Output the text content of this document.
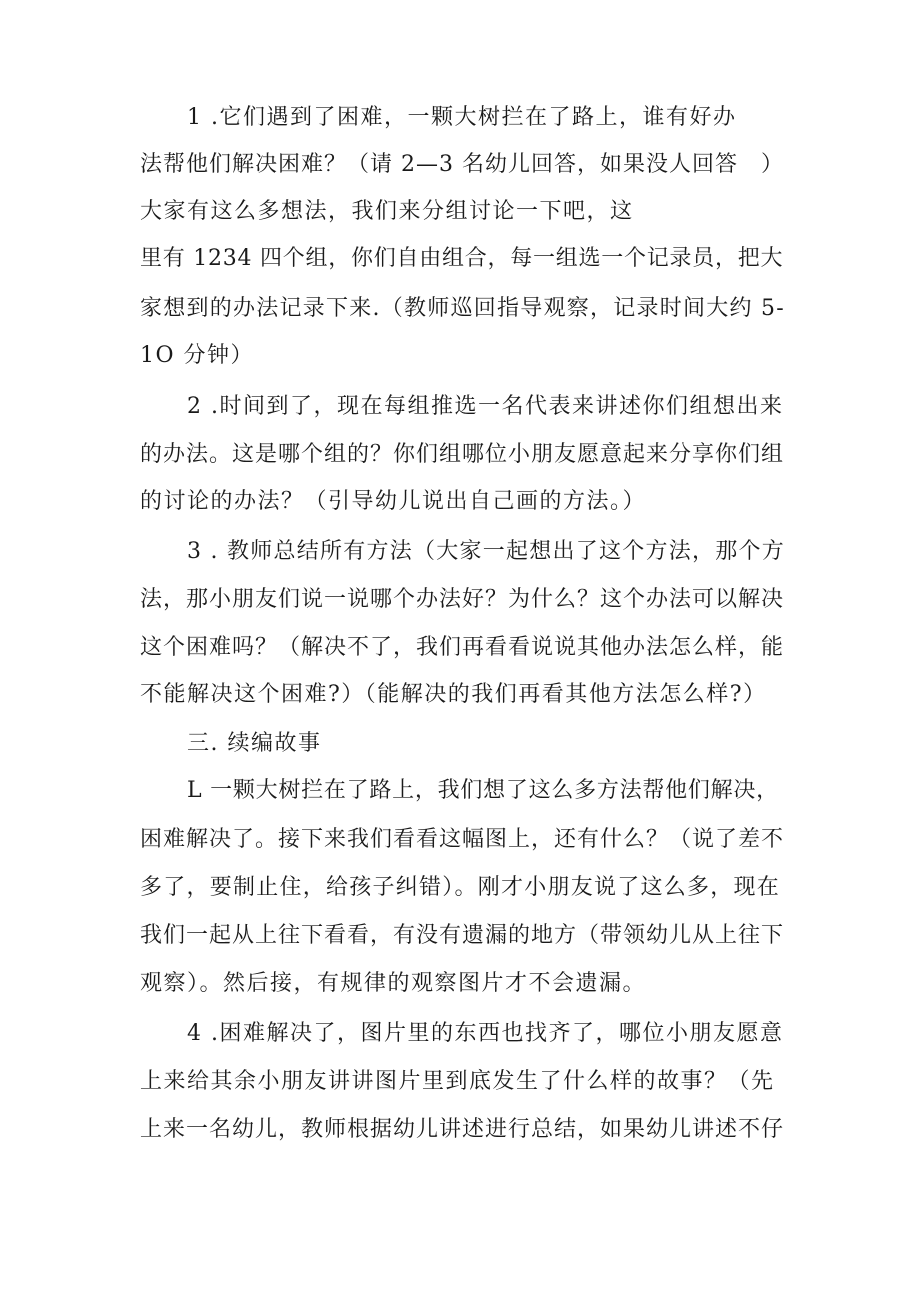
1 .它们遇到了困难，一颗大树拦在了路上，谁有好办
法帮他们解决困难？（请 2—3 名幼儿回答，如果没人回答　）
大家有这么多想法，我们来分组讨论一下吧，这
里有 1234 四个组，你们自由组合，每一组选一个记录员，把大
家想到的办法记录下来.（教师巡回指导观察，记录时间大约 5-
1O 分钟）
2 .时间到了，现在每组推选一名代表来讲述你们组想出来
的办法。这是哪个组的？你们组哪位小朋友愿意起来分享你们组
的讨论的办法？（引导幼儿说出自己画的方法。）
3 . 教师总结所有方法（大家一起想出了这个方法，那个方
法，那小朋友们说一说哪个办法好？为什么？这个办法可以解决
这个困难吗？（解决不了，我们再看看说说其他办法怎么样，能
不能解决这个困难?）（能解决的我们再看其他方法怎么样?）
三. 续编故事
L 一颗大树拦在了路上，我们想了这么多方法帮他们解决，
困难解决了。接下来我们看看这幅图上，还有什么？（说了差不
多了，要制止住，给孩子纠错）。刚才小朋友说了这么多，现在
我们一起从上往下看看，有没有遗漏的地方（带领幼儿从上往下
观察）。然后接，有规律的观察图片才不会遗漏。
4 .困难解决了，图片里的东西也找齐了，哪位小朋友愿意
上来给其余小朋友讲讲图片里到底发生了什么样的故事？（先
上来一名幼儿，教师根据幼儿讲述进行总结，如果幼儿讲述不仔
